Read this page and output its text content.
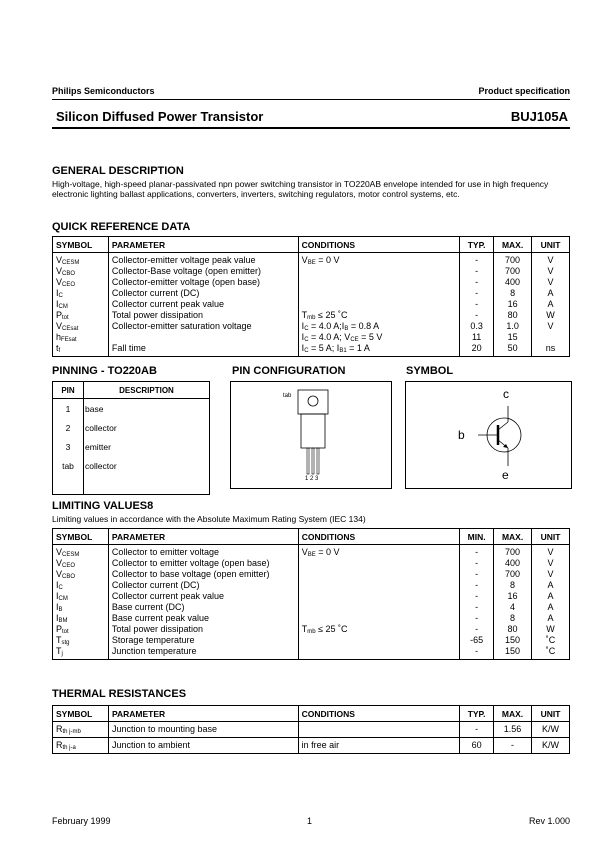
Philips Semiconductors	Product specification
Silicon Diffused Power Transistor	BUJ105A
GENERAL DESCRIPTION
High-voltage, high-speed planar-passivated npn power switching transistor in TO220AB envelope intended for use in high frequency electronic lighting ballast applications, converters, inverters, switching regulators, motor control systems, etc.
QUICK REFERENCE DATA
SYMBOL	PARAMETER	CONDITIONS	TYP.	MAX.	UNIT
$V_{CESM}$	Collector-emitter voltage peak value	$V_{BE} = 0$ V	-	700	V
$V_{CBO}$	Collector-Base voltage (open emitter)		-	700	V
$V_{CEO}$	Collector-emitter voltage (open base)		-	400	V
$I_C$	Collector current (DC)		-	8	A
$I_{CM}$	Collector current peak value		-	16	A
$P_{tot}$	Total power dissipation	$T_{mb} \le 25$ ˚C	-	80	W
$V_{CEsat}$	Collector-emitter saturation voltage	$I_C = 4.0$ $A;I_B = 0.8$ A	0.3	1.0	V
$h_{FEsat}$		$I_C = 4.0$ A; $V_{CE} = 5$ V	11	15	
$t_f$	Fall time	$I_C = 5$ A; $I_{B1} = 1$ A	20	50	ns
PINNING - TO220AB	PIN CONFIGURATION	SYMBOL
PIN	DESCRIPTION
1	base
2	collector
3	emitter
tab	collector

tab
1 2 3
c
b
e
LIMITING VALUES8
Limiting values in accordance with the Absolute Maximum Rating System (IEC 134)
SYMBOL	PARAMETER	CONDITIONS	MIN.	MAX.	UNIT
$V_{CESM}$	Collector to emitter voltage	$V_{BE} = 0$ V	-	700	V
$V_{CEO}$	Collector to emitter voltage (open base)		-	400	V
$V_{CBO}$	Collector to base voltage (open emitter)		-	700	V
$I_C$	Collector current (DC)		-	8	A
$I_{CM}$	Collector current peak value		-	16	A
$I_B$	Base current (DC)		-	4	A
$I_{BM}$	Base current peak value		-	8	A
$P_{tot}$	Total power dissipation	$T_{mb} \le 25$ ˚C	-	80	W
$T_{stg}$	Storage temperature		-65	150	˚C
$T_j$	Junction temperature		-	150	˚C
THERMAL RESISTANCES
SYMBOL	PARAMETER	CONDITIONS	TYP.	MAX.	UNIT
$R_{th j-mb}$	Junction to mounting base		-	1.56	K/W
$R_{th j-a}$	Junction to ambient	in free air	60	-	K/W
February 1999	1	Rev 1.000
